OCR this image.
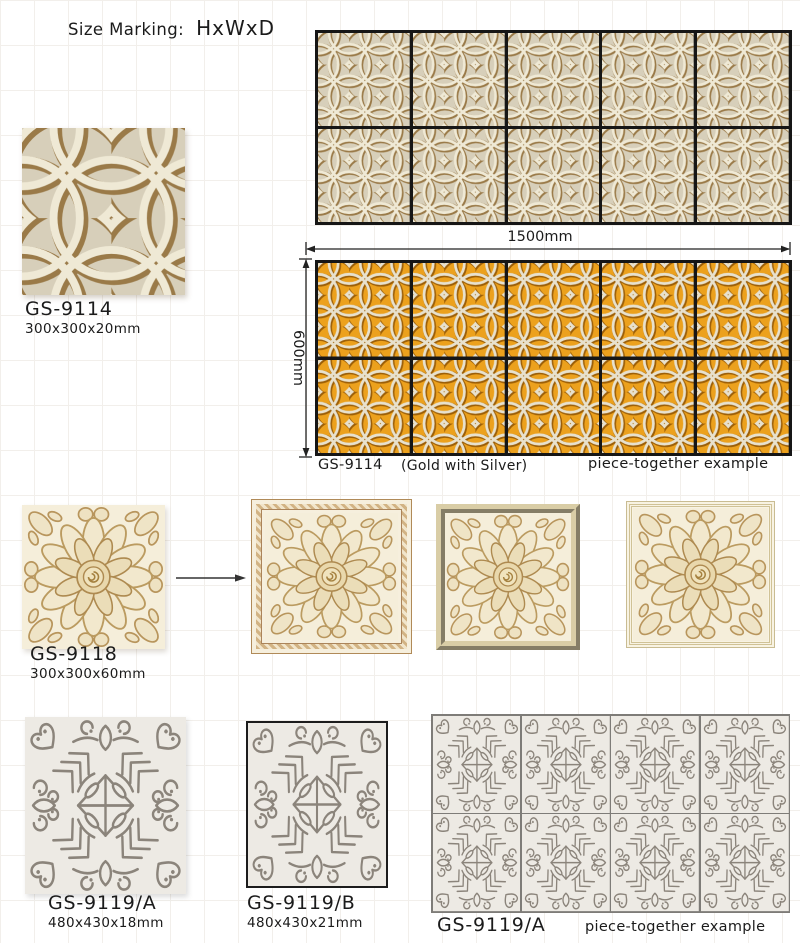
Size Marking: HxWxD
GS-9114
300x300x20mm
1500mm
600mm
GS-9114 (Gold with Silver)	piece-together example
GS-9118
300x300x60mm
GS-9119/A
480x430x18mm
GS-9119/B
480x430x21mm	GS-9119/A	piece-together example
